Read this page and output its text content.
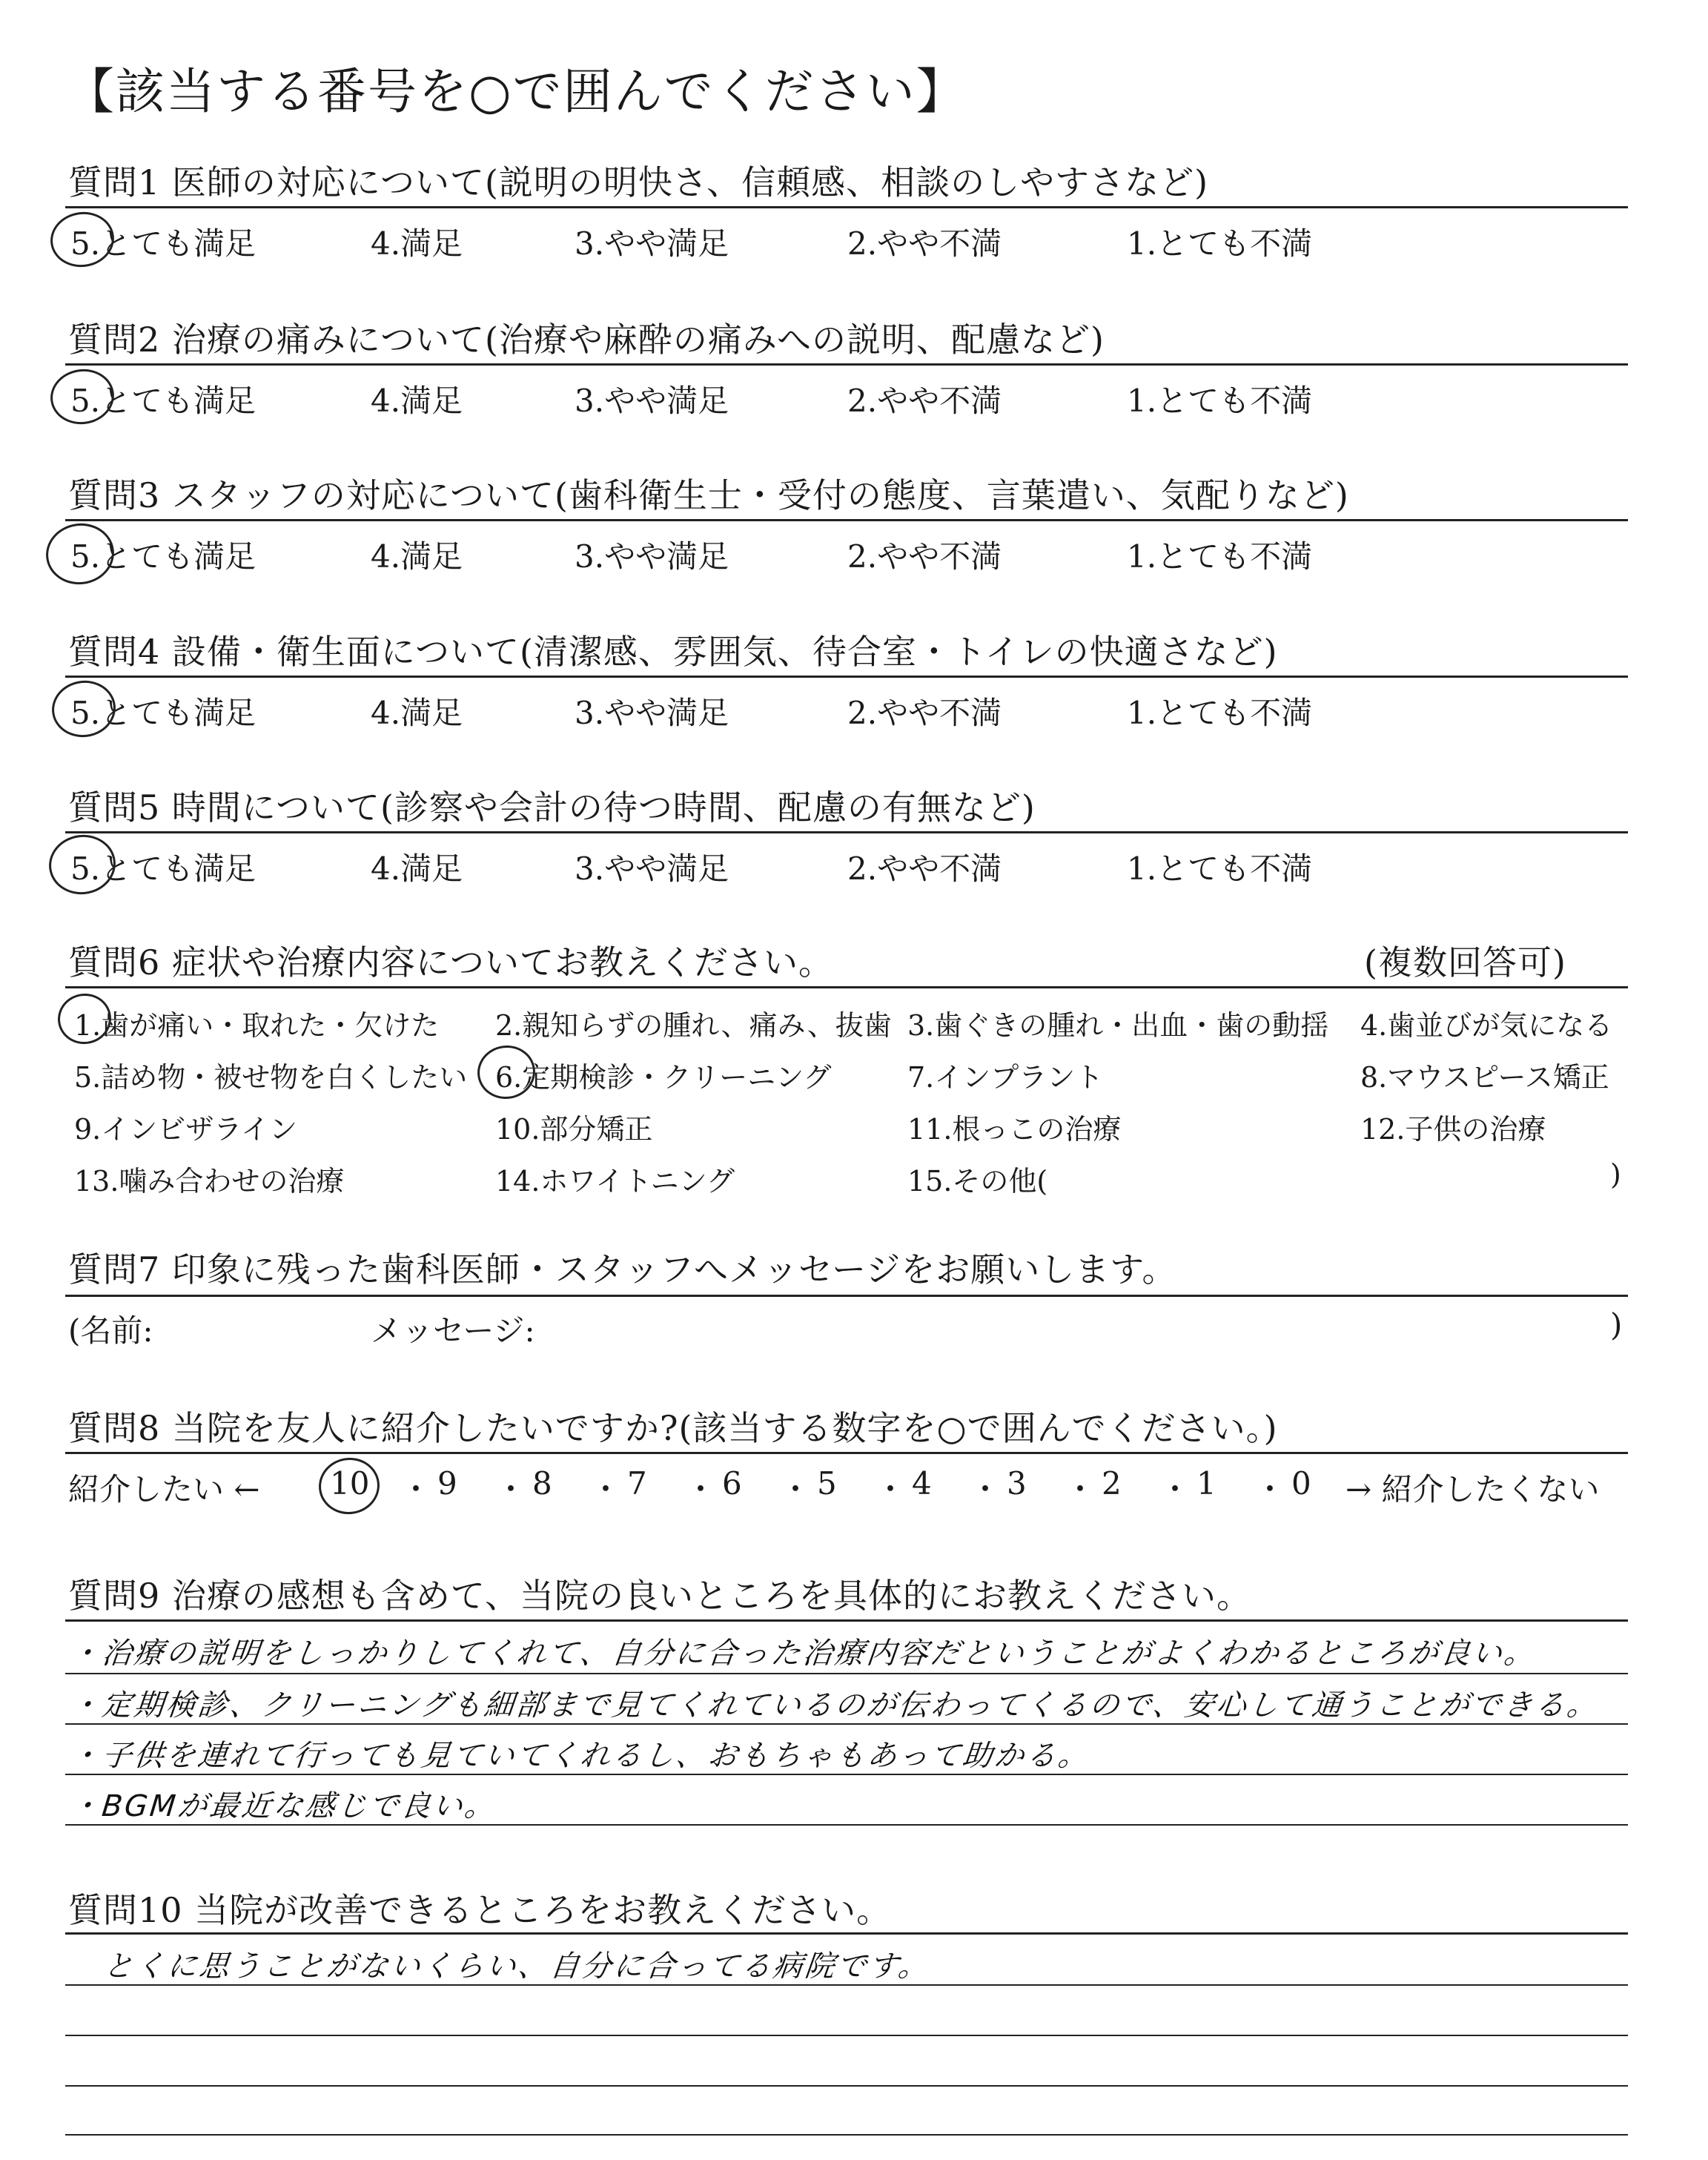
【該当する番号を○で囲んでください】
質問1 医師の対応について(説明の明快さ、信頼感、相談のしやすさなど)
5.とても満足	4.満足	3.やや満足	2.やや不満	1.とても不満
質問2 治療の痛みについて(治療や麻酔の痛みへの説明、配慮など)
5.とても満足	4.満足	3.やや満足	2.やや不満	1.とても不満
質問3 スタッフの対応について(歯科衛生士・受付の態度、言葉遣い、気配りなど)
5.とても満足	4.満足	3.やや満足	2.やや不満	1.とても不満
質問4 設備・衛生面について(清潔感、雰囲気、待合室・トイレの快適さなど)
5.とても満足	4.満足	3.やや満足	2.やや不満	1.とても不満
質問5 時間について(診察や会計の待つ時間、配慮の有無など)
5.とても満足	4.満足	3.やや満足	2.やや不満	1.とても不満
質問6 症状や治療内容についてお教えください。	(複数回答可)
1.歯が痛い・取れた・欠けた 2.親知らずの腫れ、痛み、抜歯 3.歯ぐきの腫れ・出血・歯の動揺 4.歯並びが気になる
5.詰め物・被せ物を白くしたい 6.定期検診・クリーニング	7.インプラント	8.マウスピース矯正
9.インビザライン	10.部分矯正	11.根っこの治療	12.子供の治療
13.噛み合わせの治療	14.ホワイトニング	15.その他(	)
質問7 印象に残った歯科医師・スタッフへメッセージをお願いします。
(名前:	メッセージ:	)
質問8 当院を友人に紹介したいですか?(該当する数字を○で囲んでください。)
紹介したい ← 10 ・ 9 ・ 8 ・ 7 ・ 6 ・ 5 ・ 4 ・ 3 ・ 2 ・ 1 ・ 0 → 紹介したくない
質問9 治療の感想も含めて、当院の良いところを具体的にお教えください。
・治療の説明をしっかりしてくれて、自分に合った治療内容だということがよくわかるところが良い。
・定期検診、クリーニングも細部まで見てくれているのが伝わってくるので、安心して通うことができる。
・子供を連れて行っても見ていてくれるし、おもちゃもあって助かる。
・BGMが最近な感じで良い。
質問10 当院が改善できるところをお教えください。
とくに思うことがないくらい、自分に合ってる病院です。
